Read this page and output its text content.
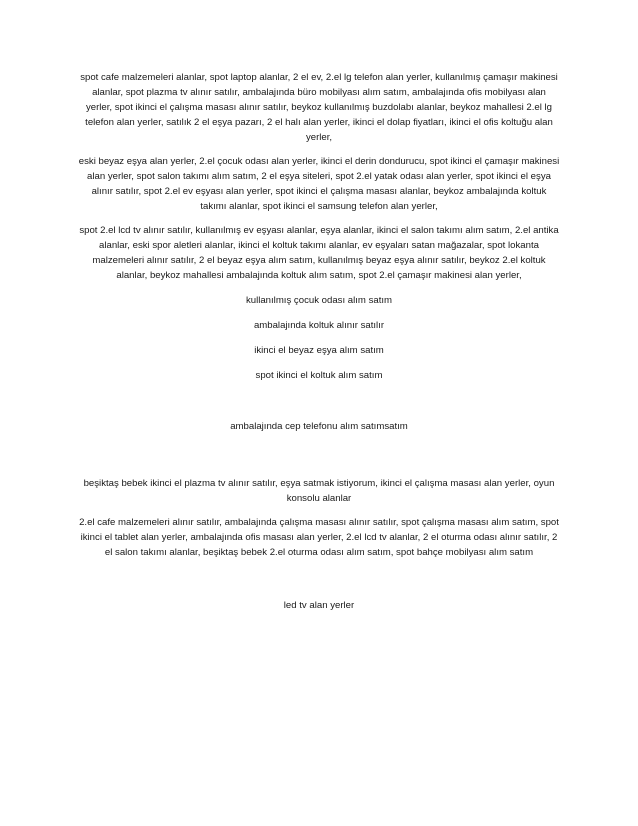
spot cafe malzemeleri alanlar, spot laptop alanlar, 2 el ev, 2.el lg telefon alan yerler, kullanılmış çamaşır makinesi alanlar, spot plazma tv alınır satılır, ambalajında büro mobilyası alım satım, ambalajında ofis mobilyası alan yerler, spot ikinci el çalışma masası alınır satılır, beykoz kullanılmış buzdolabı alanlar, beykoz mahallesi 2.el lg telefon alan yerler, satılık 2 el eşya pazarı, 2 el halı alan yerler, ikinci el dolap fiyatları, ikinci el ofis koltuğu alan yerler,

eski beyaz eşya alan yerler, 2.el çocuk odası alan yerler, ikinci el derin dondurucu, spot ikinci el çamaşır makinesi alan yerler, spot salon takımı alım satım, 2 el eşya siteleri, spot 2.el yatak odası alan yerler, spot ikinci el eşya alınır satılır, spot 2.el ev eşyası alan yerler, spot ikinci el çalışma masası alanlar, beykoz ambalajında koltuk takımı alanlar, spot ikinci el samsung telefon alan yerler,

spot 2.el lcd tv alınır satılır, kullanılmış ev eşyası alanlar, eşya alanlar, ikinci el salon takımı alım satım, 2.el antika alanlar, eski spor aletleri alanlar, ikinci el koltuk takımı alanlar, ev eşyaları satan mağazalar, spot lokanta malzemeleri alınır satılır, 2 el beyaz eşya alım satım, kullanılmış beyaz eşya alınır satılır, beykoz 2.el koltuk alanlar, beykoz mahallesi ambalajında koltuk alım satım, spot 2.el çamaşır makinesi alan yerler,

kullanılmış çocuk odası alım satım

ambalajında koltuk alınır satılır

ikinci el beyaz eşya alım satım

spot ikinci el koltuk alım satım

ambalajında cep telefonu alım satımsatım

beşiktaş bebek ikinci el plazma tv alınır satılır, eşya satmak istiyorum, ikinci el çalışma masası alan yerler, oyun konsolu alanlar

2.el cafe malzemeleri alınır satılır, ambalajında çalışma masası alınır satılır, spot çalışma masası alım satım, spot ikinci el tablet alan yerler, ambalajında ofis masası alan yerler, 2.el lcd tv alanlar, 2 el oturma odası alınır satılır, 2 el salon takımı alanlar, beşiktaş bebek 2.el oturma odası alım satım, spot bahçe mobilyası alım satım

led tv alan yerler
